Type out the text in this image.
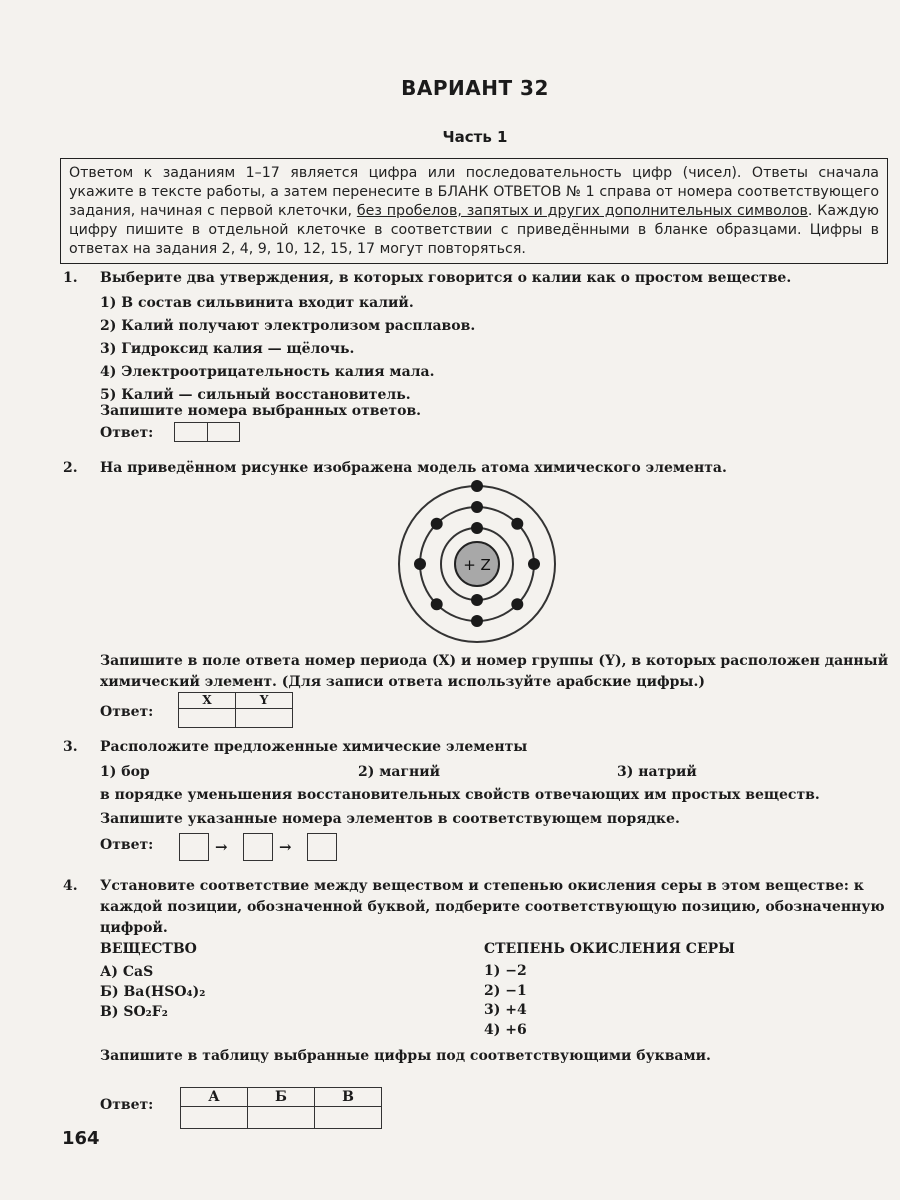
ВАРИАНТ 32
Часть 1
Ответом к заданиям 1–17 является цифра или последовательность цифр (чисел). Ответы сначала укажите в тексте работы, а затем перенесите в БЛАНК ОТВЕТОВ № 1 справа от номера соответствующего задания, начиная с первой клеточки, без пробелов, запятых и других дополнительных символов. Каждую цифру пишите в отдельной клеточке в соответствии с приведёнными в бланке образцами. Цифры в ответах на задания 2, 4, 9, 10, 12, 15, 17 могут повторяться.
1. Выберите два утверждения, в которых говорится о калии как о простом веществе.
1) В состав сильвинита входит калий.
2) Калий получают электролизом расплавов.
3) Гидроксид калия — щёлочь.
4) Электроотрицательность калия мала.
5) Калий — сильный восстановитель.
Запишите номера выбранных ответов.
Ответ:
2. На приведённом рисунке изображена модель атома химического элемента.
+ Z
Запишите в поле ответа номер периода (X) и номер группы (Y), в которых расположен данный химический элемент. (Для записи ответа используйте арабские цифры.)
Ответ:
X	Y
3. Расположите предложенные химические элементы
1) бор	2) магний	3) натрий
в порядке уменьшения восстановительных свойств отвечающих им простых веществ.
Запишите указанные номера элементов в соответствующем порядке.
Ответ:	→	→
4. Установите соответствие между веществом и степенью окисления серы в этом веществе: к каждой позиции, обозначенной буквой, подберите соответствующую позицию, обозначенную цифрой.
ВЕЩЕСТВО	СТЕПЕНЬ ОКИСЛЕНИЯ СЕРЫ
А) CaS
Б) Ba(HSO₄)₂
В) SO₂F₂
1) −2
2) −1
3) +4
4) +6
Запишите в таблицу выбранные цифры под соответствующими буквами.
Ответ:	А	Б	В
164
